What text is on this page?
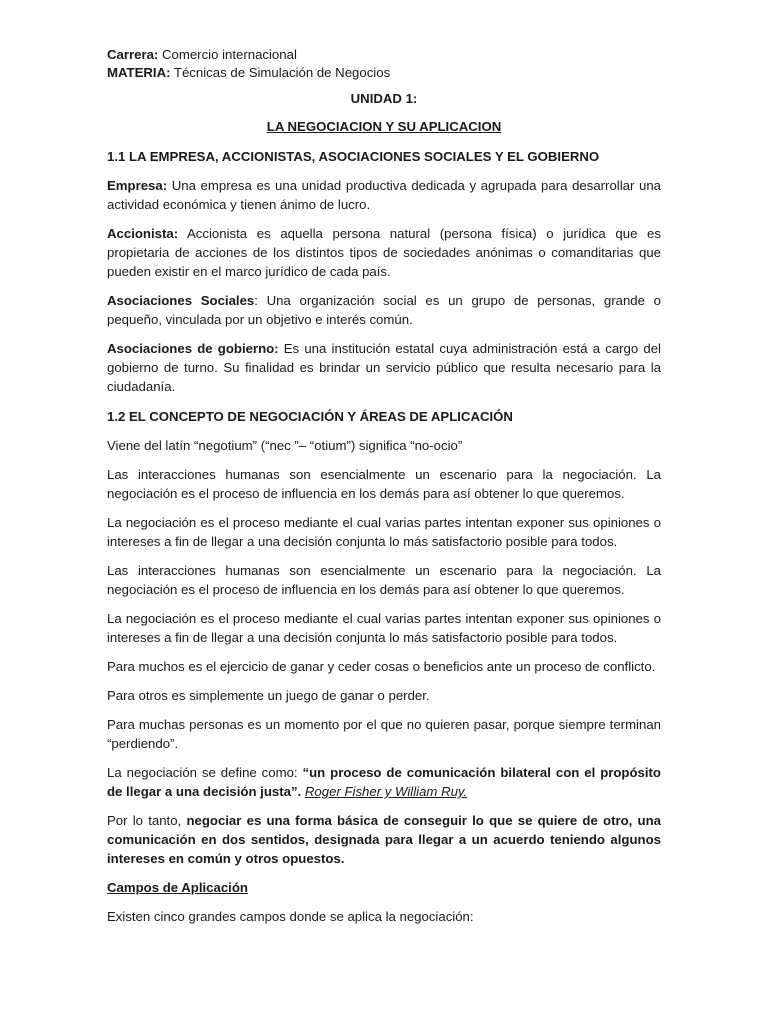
Carrera: Comercio internacional
MATERIA: Técnicas de Simulación de Negocios
UNIDAD 1:
LA NEGOCIACION Y SU APLICACION
1.1 LA EMPRESA, ACCIONISTAS, ASOCIACIONES SOCIALES Y EL GOBIERNO

Empresa: Una empresa es una unidad productiva dedicada y agrupada para desarrollar una actividad económica y tienen ánimo de lucro.

Accionista: Accionista es aquella persona natural (persona física) o jurídica que es propietaria de acciones de los distintos tipos de sociedades anónimas o comanditarias que pueden existir en el marco jurídico de cada país.

Asociaciones Sociales: Una organización social es un grupo de personas, grande o pequeño, vinculada por un objetivo e interés común.

Asociaciones de gobierno: Es una institución estatal cuya administración está a cargo del gobierno de turno. Su finalidad es brindar un servicio público que resulta necesario para la ciudadanía.

1.2 EL CONCEPTO DE NEGOCIACIÓN Y ÁREAS DE APLICACIÓN

Viene del latín “negotium” (“nec ”– “otium”) significa “no-ocio”

Las interacciones humanas son esencialmente un escenario para la negociación. La negociación es el proceso de influencia en los demás para así obtener lo que queremos.

La negociación es el proceso mediante el cual varias partes intentan exponer sus opiniones o intereses a fin de llegar a una decisión conjunta lo más satisfactorio posible para todos.

Las interacciones humanas son esencialmente un escenario para la negociación. La negociación es el proceso de influencia en los demás para así obtener lo que queremos.

La negociación es el proceso mediante el cual varias partes intentan exponer sus opiniones o intereses a fin de llegar a una decisión conjunta lo más satisfactorio posible para todos.

Para muchos es el ejercicio de ganar y ceder cosas o beneficios ante un proceso de conflicto.

Para otros es simplemente un juego de ganar o perder.

Para muchas personas es un momento por el que no quieren pasar, porque siempre terminan “perdiendo”.

La negociación se define como: “un proceso de comunicación bilateral con el propósito de llegar a una decisión justa”. Roger Fisher y William Ruy.

Por lo tanto, negociar es una forma básica de conseguir lo que se quiere de otro, una comunicación en dos sentidos, designada para llegar a un acuerdo teniendo algunos intereses en común y otros opuestos.

Campos de Aplicación

Existen cinco grandes campos donde se aplica la negociación:
